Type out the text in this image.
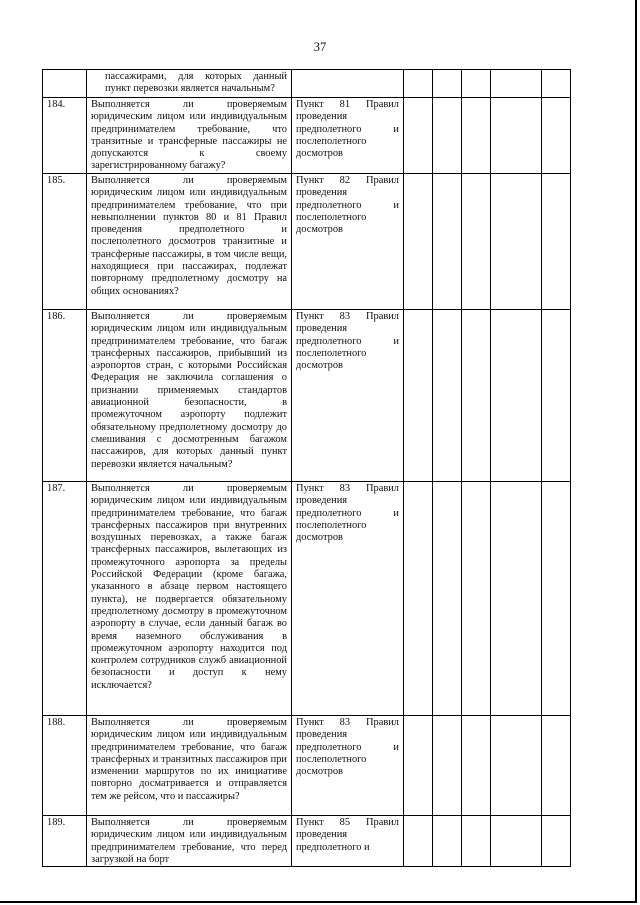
37

	пассажирами, для которых данный пункт перевозки является начальным?						

184.	Выполняется ли проверяемым юридическим лицом или индивидуальным предпринимателем требование, что транзитные и трансферные пассажиры не допускаются к своему зарегистрированному багажу?	Пункт 81 Правил проведения предполетного и послеполетного досмотров					
185.	Выполняется ли проверяемым юридическим лицом или индивидуальным предпринимателем требование, что при невыполнении пунктов 80 и 81 Правил проведения предполетного и послеполетного досмотров транзитные и трансферные пассажиры, в том числе вещи, находящиеся при пассажирах, подлежат повторному предполетному досмотру на общих основаниях?	Пункт 82 Правил проведения предполетного и послеполетного досмотров					
186.	Выполняется ли проверяемым юридическим лицом или индивидуальным предпринимателем требование, что багаж трансферных пассажиров, прибывший из аэропортов стран, с которыми Российская Федерация не заключила соглашения о признании применяемых стандартов авиационной безопасности, в промежуточном аэропорту подлежит обязательному предполетному досмотру до смешивания с досмотренным багажом пассажиров, для которых данный пункт перевозки является начальным?	Пункт 83 Правил проведения предполетного и послеполетного досмотров					
187.	Выполняется ли проверяемым юридическим лицом или индивидуальным предпринимателем требование, что багаж трансферных пассажиров при внутренних воздушных перевозках, а также багаж трансферных пассажиров, вылетающих из промежуточного аэропорта за пределы Российской Федерации (кроме багажа, указанного в абзаце первом настоящего пункта), не подвергается обязательному предполетному досмотру в промежуточном аэропорту в случае, если данный багаж во время наземного обслуживания в промежуточном аэропорту находится под контролем сотрудников служб авиационной безопасности и доступ к нему исключается?	Пункт 83 Правил проведения предполетного и послеполетного досмотров					
188.	Выполняется ли проверяемым юридическим лицом или индивидуальным предпринимателем требование, что багаж трансферных и транзитных пассажиров при изменении маршрутов по их инициативе повторно досматривается и отправляется тем же рейсом, что и пассажиры?	Пункт 83 Правил проведения предполетного и послеполетного досмотров					
189.	Выполняется ли проверяемым юридическим лицом или индивидуальным предпринимателем требование, что перед загрузкой на борт	Пункт 85 Правил проведения предполетного и					
